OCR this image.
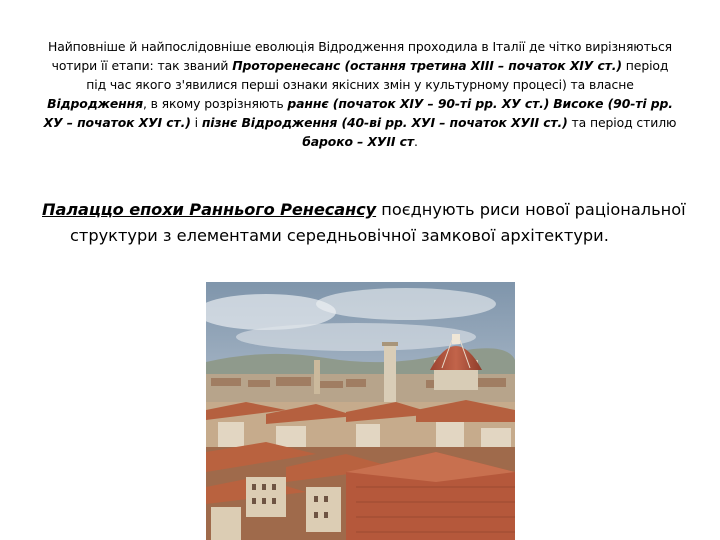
Найповніше й найпослідовніше еволюція Відродження проходила в Італії де чітко вирізняються чотири її етапи: так званий Проторенесанс (остання третина XIII – початок XIУ ст.) період під час якого з'явилися перші ознаки якісних змін у культурному процесі) та власне Відродження, в якому розрізняють раннє (початок XIУ – 90-ті рр. XУ ст.) Високе (90-ті рр. XУ – початок XУI ст.) і пізнє Відродження (40-ві рр. XУI – початок XУII ст.) та період стилю бароко – XУII ст.
Палаццо епохи Раннього Ренесансу поєднують риси нової раціональної
структури з елементами середньовічної замкової архітектури.
